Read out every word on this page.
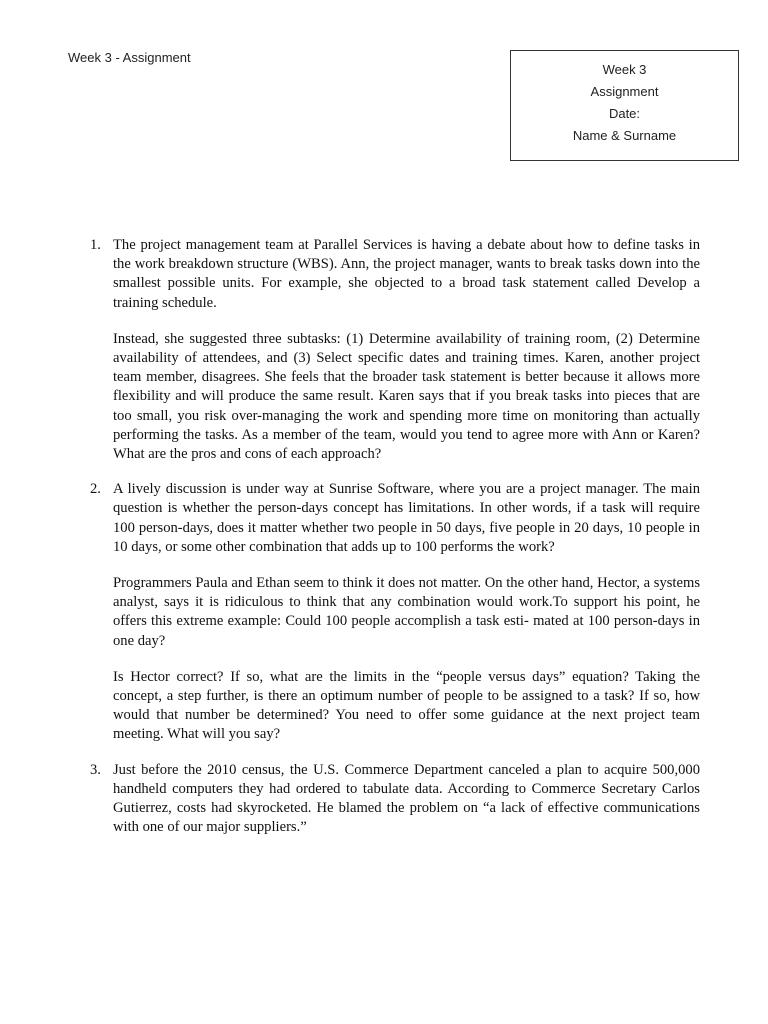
Week 3 - Assignment
Week 3
Assignment
Date:
Name & Surname
1. The project management team at Parallel Services is having a debate about how to define tasks in the work breakdown structure (WBS). Ann, the project manager, wants to break tasks down into the smallest possible units. For example, she objected to a broad task statement called Develop a training schedule.

Instead, she suggested three subtasks: (1) Determine availability of training room, (2) Determine availability of attendees, and (3) Select specific dates and training times. Karen, another project team member, disagrees. She feels that the broader task statement is better because it allows more flexibility and will produce the same result. Karen says that if you break tasks into pieces that are too small, you risk over-managing the work and spending more time on monitoring than actually performing the tasks. As a member of the team, would you tend to agree more with Ann or Karen? What are the pros and cons of each approach?

2. A lively discussion is under way at Sunrise Software, where you are a project manager. The main question is whether the person-days concept has limitations. In other words, if a task will require 100 person-days, does it matter whether two people in 50 days, five people in 20 days, 10 people in 10 days, or some other combination that adds up to 100 performs the work?

Programmers Paula and Ethan seem to think it does not matter. On the other hand, Hector, a systems analyst, says it is ridiculous to think that any combination would work.To support his point, he offers this extreme example: Could 100 people accomplish a task esti- mated at 100 person-days in one day?

Is Hector correct? If so, what are the limits in the “people versus days” equation? Taking the concept, a step further, is there an optimum number of people to be assigned to a task? If so, how would that number be determined? You need to offer some guidance at the next project team meeting. What will you say?

3. Just before the 2010 census, the U.S. Commerce Department canceled a plan to acquire 500,000 handheld computers they had ordered to tabulate data. According to Commerce Secretary Carlos Gutierrez, costs had skyrocketed. He blamed the problem on “a lack of effective communications with one of our major suppliers.”
